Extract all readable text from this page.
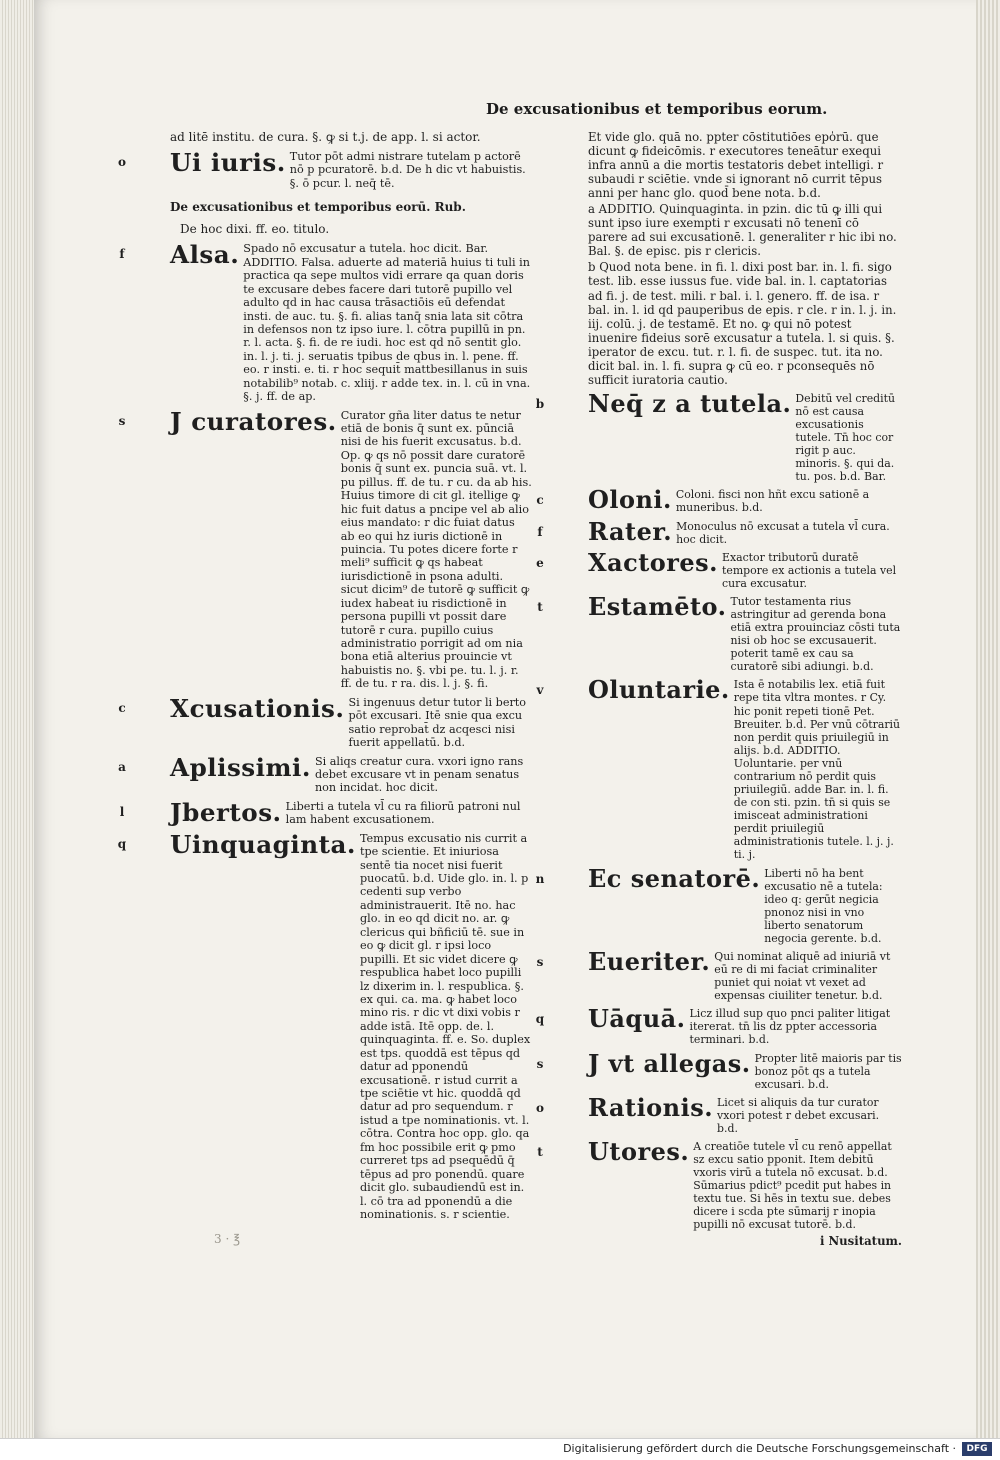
De excusationibus et temporibus eorum.
ad litē institu. de cura. §. ꝙ si t.j. de app. l. si actor.
o Ui iuris. Tutor pōt admi nistrare tutelam p actorē nō p pcuratorē. b.d. De h dic vt habuistis. §. ō pcur. l. neq̄ tē.
De excusationibus et temporibus eorū. Rub.
De hoc dixi. ff. eo. titulo.
f	Alsa. Spado nō excusatur a tutela. hoc dicit. Bar. ADDITIO. Falsa. aduerte ad materiā huius ti tuli in practica qa sepe multos vidi errare qa quan doris te excusare debes facere dari tutorē pupillo vel adulto qd in hac causa trāsactiōis eū defendat insti. de auc. tu. §. fi. alias tanq̄ snia lata sit cōtra in defensos non tz ipso iure. l. cōtra pupillū in pn. r. l. acta. §. fi. de re iudi. hoc est qd nō sentit glo. in. l. j. ti. j. seruatis tpibus de qbus in. l. pene. ff. eo. r insti. e. ti. r hoc sequit̄ mattbesillanus in suis notabilib⁹ notab. c. xliij. r adde tex. in. l. cū in vna. §. j. ff. de ap.
s J curatores. Curator gña liter datus te netur etiā de bonis q̄ sunt ex. pūnciā nisi de his fuerit excusatus. b.d. Op. ꝙ qs nō possit dare curatorē bonis q̄ sunt ex. puncia suā. vt. l. pu pillus. ff. de tu. r cu. da ab his. Huius timore di cit gl. itellige ꝙ hic fuit datus a pncipe vel ab alio eius mandato: r dic fuiat datus ab eo qui hz iuris dictionē in puincia. Tu potes dicere forte r meli⁹ sufficit ꝙ qs habeat iurisdictionē in psona adulti. sicut dicim⁹ de tutorē ꝙ sufficit ꝙ iudex habeat iu risdictionē in persona pupilli vt possit dare tutorē r cura. pupillo cuius administratio porrigit ad om nia bona etiā alterius prouincie vt habuistis no. §. vbi pe. tu. l. j. r. ff. de tu. r ra. dis. l. j. §. fi.
c Xcusationis. Si ingenuus detur tutor li berto pōt excusari. Itē snie qua excu satio reprobat̄ dz acqesci nisi fuerit appellatū. b.d.
a Aplissimi. Si aliqs creatur cura. vxori igno rans debet excusare vt in penam senatus non incidat. hoc dicit.
l	Jbertos. Liberti a tutela vl̄ cu ra filiorū patroni nul lam habent excusationem.
q Uinquaginta. Tempus excusatio nis currit a tpe scientie. Et iniuriosa sentē tia nocet nisi fuerit puocatū. b.d. Uide glo. in. l. p cedenti sup verbo administrauerit. Itē no. hac glo. in eo qd dicit no. ar. ꝙ clericus qui bñficiū tē. sue in eo ꝙ dicit gl. r ipsi loco pupilli. Et sic videt dicere ꝙ respublica habet loco pupilli lz dixerim in. l. respublica. §. ex qui. ca. ma. ꝙ habet loco mino ris. r dic vt dixi vobis r adde istā. Itē opp. de. l. quinquaginta. ff. e. So. duplex est tps. quoddā est tēpus qd datur ad pponendū excusationē. r istud currit a tpe sciētie vt hic. quoddā qd datur ad pro sequendum. r istud a tpe nominationis. vt. l. cōtra. Contra hoc opp. glo. qa fm hoc possibile erit ꝙ pmo curreret tps ad psequēdū q̄ tēpus ad pro ponendū. quare dicit glo. subaudiendū est in. l. cō tra ad pponendū a die nominationis. s. r scientie.
Et vide glo. quā no. ppter cōstitutiōes epo̍rū. que dicunt ꝙ fideicōmis. r executores teneātur exequi infra annū a die mortis testatoris debet intelligi. r subaudi r sciētie. vnde si ignorant nō currit tēpus anni per hanc glo. quod̄ bene nota. b.d.
a ADDITIO. Quinquaginta. in pzin. dic tū ꝙ illi qui sunt ipso iure exempti r excusati nō tenenī cō parere ad sui excusationē. l. generaliter r hic ibi no. Bal. §. de episc. pis r clericis.
b Quod nota bene. in fi. l. dixi post bar. in. l. fi. sigo test. lib. esse iussus fue. vide bal. in. l. captatorias ad fi. j. de test. mili. r bal. i. l. genero. ff. de isa. r bal. in. l. id qd pauperibus de epis. r cle. r in. l. j. in. iij. colū. j. de testamē. Et no. ꝙ qui nō potest inuenire fideius sorē excusatur a tutela. l. si quis. §. iperator de excu. tut. r. l. fi. de suspec. tut. ita no. dicit bal. in. l. fi. supra ꝙ cū eo. r pconsequēs nō sufficit iuratoria cautio.
b Neq̄ z a tutela. Debitū vel creditū nō est causa excusationis tutele. Tn̄ hoc cor rigit p auc. minoris. §. qui da. tu. pos. b.d. Bar.
c Oloni. Coloni. fisci non hñt excu sationē a muneribus. b.d.
f	Rater. Monoculus nō excusat a tutela vl̄ cura. hoc dicit.
e Xactores. Exactor tributorū duratē tempore ex actionis a tutela vel cura excusatur.
t	Estamēto. Tutor testamenta rius astringitur ad gerenda bona etiā extra prouinciaz cōsti tuta nisi ob hoc se excusauerit. poterit tamē ex cau sa curatorē sibi adiungi. b.d.
v Oluntarie. Ista ē notabilis lex. etiā fuit repe tita vltra montes. r Cy. hic ponit repeti tionē Pet. Breuiter. b.d. Per vnū cōtrariū non perdit quis priuilegiū in alijs. b.d. ADDITIO. Uoluntarie. per vnū contrarium nō perdit quis priuilegiū. adde Bar. in. l. fi. de con sti. pzin. tn̄ si quis se imisceat administrationi perdit priuilegiū administrationis tutele. l. j. j. ti. j.
n Ec senatorē. Liberti nō ha bent excusatio nē a tutela: ideo q: gerūt negicia pnonoz nisi in vno liberto senatorum negocia gerente. b.d.
s Eueriter. Qui nominat aliquē ad iniuriā vt eū re di mi faciat criminaliter puniet qui noiat vt vexet ad expensas ciuiliter tenetur. b.d.
q Uāquā. Licz illud sup quo pnci paliter litigat itererat. tn̄ lis dz ppter accessoria terminari. b.d.
s J vt allegas. Propter litē maioris par tis bonoz pōt qs a tutela excusari. b.d.
o Rationis. Licet si aliquis da tur curator vxori potest r debet excusari. b.d.
t	Utores. A creatiōe tutele vl̄ cu renō appellat sz excu satio pponit. Item debitū vxoris virū a tutela nō excusat. b.d. Sūmarius pdict⁹ pcedit put habes in textu tue. Si hēs in textu sue. debes dicere i scda pte sūmarij r inopia pupilli nō excusat tutorē. b.d.
i Nusitatum.
3 · ℥
Digitalisierung gefördert durch die Deutsche Forschungsgemeinschaft ·	DFG
